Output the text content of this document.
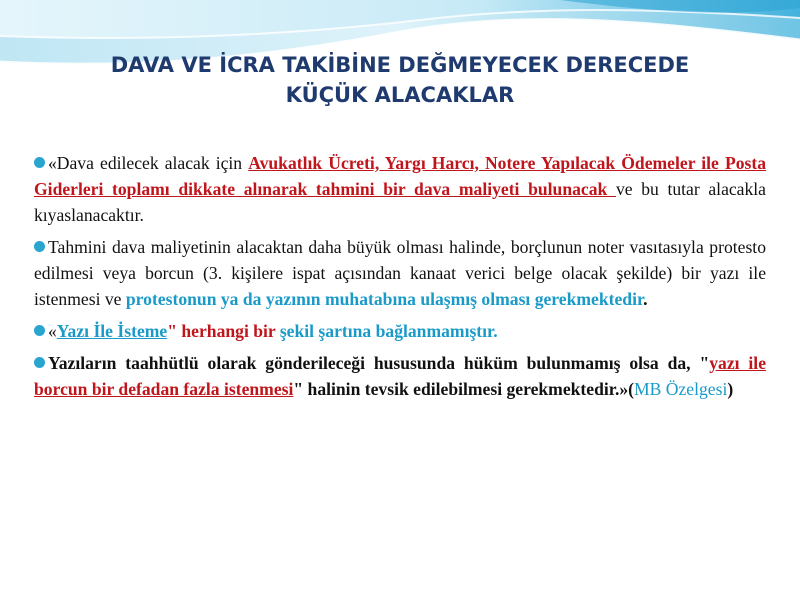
DAVA VE İCRA TAKİBİNE DEĞMEYECEK DERECEDE
KÜÇÜK ALACAKLAR

«Dava edilecek alacak için Avukatlık Ücreti, Yargı Harcı, Notere Yapılacak Ödemeler ile Posta Giderleri toplamı dikkate alınarak tahmini bir dava maliyeti bulunacak ve bu tutar alacakla kıyaslanacaktır.

Tahmini dava maliyetinin alacaktan daha büyük olması halinde, borçlunun noter vasıtasıyla protesto edilmesi veya borcun (3. kişilere ispat açısından kanaat verici belge olacak şekilde) bir yazı ile istenmesi ve protestonun ya da yazının muhatabına ulaşmış olması gerekmektedir.

«Yazı İle İsteme" herhangi bir şekil şartına bağlanmamıştır.

Yazıların taahhütlü olarak gönderileceği hususunda hüküm bulunmamış olsa da, "yazı ile borcun bir defadan fazla istenmesi" halinin tevsik edilebilmesi gerekmektedir.»(MB Özelgesi)
